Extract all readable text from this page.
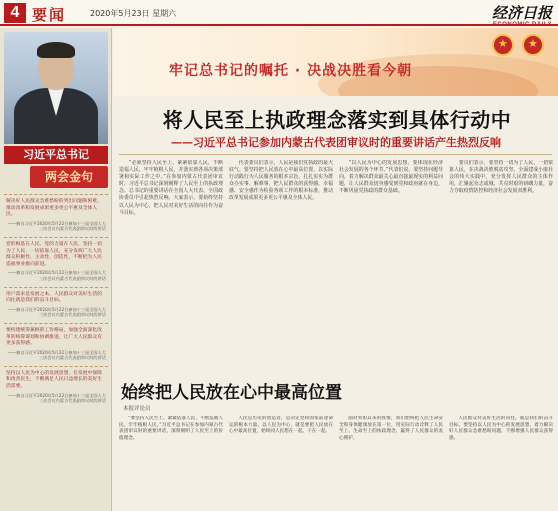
4 要闻	2020年5月23日 星期六	经济日报
ECONOMIC DAILY
习近平总书记
两会金句
解决好人民群众急难愁盼的突出问题和困难，推动改革和发展成果更多更公平惠及全体人民。
——摘自习近平2020年5月22日参加十三届全国人大三次会议内蒙古代表团审议时的讲话
党的根基在人民、党的力量在人民，坚持一切为了人民、一切依靠人民，充分发挥广大人民群众积极性、主动性、创造性，不断把为人民造福事业推向前进。
——摘自习近平2020年5月22日参加十三届全国人大三次会议内蒙古代表团审议时的讲话
用户需求是发展之本，人民群众对美好生活的向往就是我们的奋斗目标。
——摘自习近平2020年5月22日参加十三届全国人大三次会议内蒙古代表团审议时的讲话
要构建统筹兼顾的工作格局，加强全面深化改革的统筹谋划和协调推进，让广大人民群众有更多获得感。
——摘自习近平2020年5月22日参加十三届全国人大三次会议内蒙古代表团审议时的讲话
坚持以人民为中心的发展思想，在发展中保障和改善民生，不断满足人民日益增长的美好生活需要。
——摘自习近平2020年5月22日参加十三届全国人大三次会议内蒙古代表团审议时的讲话
牢记总书记的嘱托 · 决战决胜看今朝
★ ★
将人民至上执政理念落实到具体行动中
——习近平总书记参加内蒙古代表团审议时的重要讲话产生热烈反响

“必须坚持人民至上、紧紧依靠人民、不断造福人民、牢牢植根人民，并落实到各项决策部署和实际工作之中。”在参加内蒙古代表团审议时，习近平总书记深刻阐释了人民至上的执政理念。总书记的重要讲话在全国人大代表、全国政协委员中引起热烈反响。大家表示，要始终坚持以人民为中心，把人民对美好生活的向往作为奋斗目标。

代表委员们表示，人民是我们党执政的最大底气。要坚持把人民放在心中最高位置，以实际行动践行为人民服务的根本宗旨，扎扎实实为群众办实事、解难事，把人民群众的获得感、幸福感、安全感作为检验各项工作的根本标准，推动改革发展成果更多更公平惠及全体人民。

“以人民为中心的发展思想，要体现在经济社会发展的各个环节。”代表们说，要坚持问题导向，着力解决群众最关心最直接最现实的利益问题，让人民群众切身感受到党和政府就在身边，不断巩固党执政的群众基础。

委员们表示，要坚持一切为了人民、一切依靠人民，在决战决胜脱贫攻坚、全面建成小康社会的伟大实践中，充分发挥人民群众的主体作用，汇聚起众志成城、共克时艰的磅礴力量，奋力夺取疫情防控和经济社会发展双胜利。

始终把人民放在心中最高位置
本报评论员

“要坚持人民至上、紧紧依靠人民、不断造福人民、牢牢植根人民。”习近平总书记在参加内蒙古代表团审议时的重要讲话，深刻阐明了人民至上的价值理念。

人民是历史的创造者，是决定党和国家前途命运的根本力量。以人民为中心，就是要把人民放在心中最高位置，始终同人民想在一起、干在一起。

面对突如其来的疫情，我们始终把人民生命安全和身体健康放在第一位，用实际行动诠释了人民至上、生命至上的执政理念，赢得了人民群众的衷心拥护。

人民群众对美好生活的向往，就是我们的奋斗目标。要坚持以人民为中心的发展思想，着力解决好人民群众急难愁盼问题，不断增强人民群众获得感。
